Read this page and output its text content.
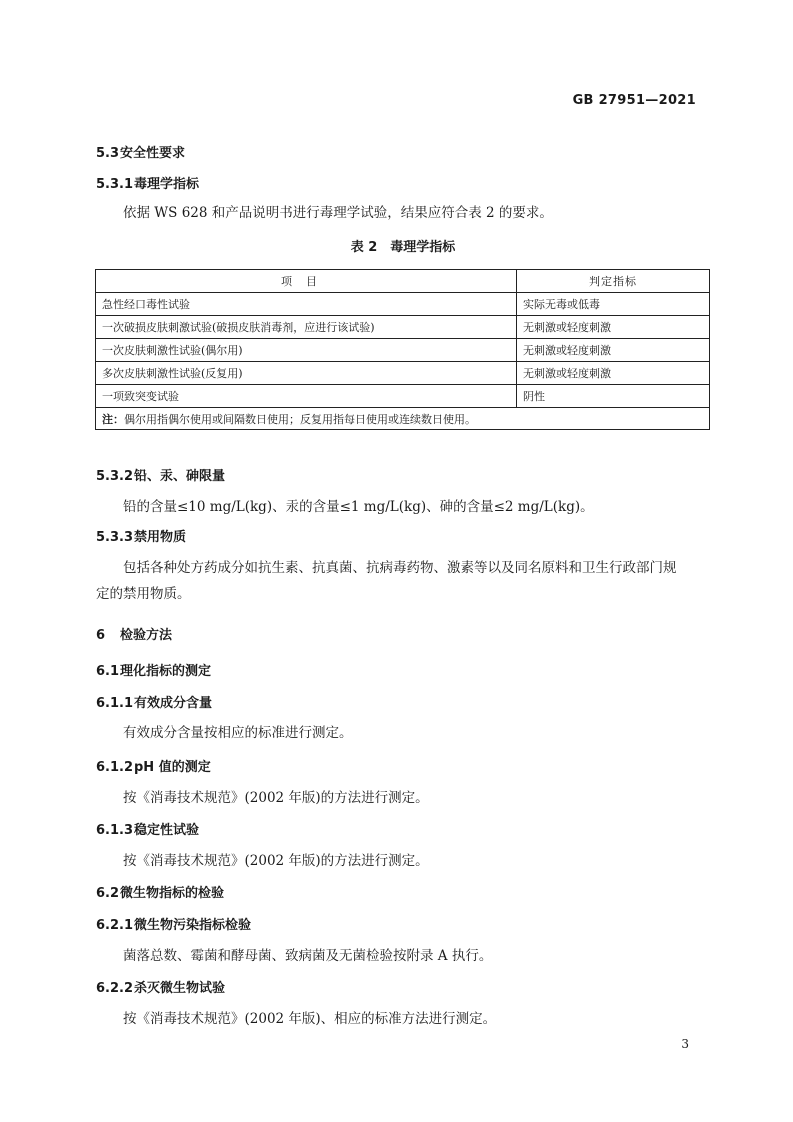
GB 27951—2021
5.3安全性要求
5.3.1毒理学指标
依据 WS 628 和产品说明书进行毒理学试验，结果应符合表 2 的要求。
表 2　毒理学指标
项目	判定指标
急性经口毒性试验	实际无毒或低毒
一次破损皮肤刺激试验(破损皮肤消毒剂，应进行该试验)	无刺激或轻度刺激
一次皮肤刺激性试验(偶尔用)	无刺激或轻度刺激
多次皮肤刺激性试验(反复用)	无刺激或轻度刺激
一项致突变试验	阴性
注：偶尔用指偶尔使用或间隔数日使用；反复用指每日使用或连续数日使用。	
5.3.2铅、汞、砷限量
铅的含量≤10 mg/L(kg)、汞的含量≤1 mg/L(kg)、砷的含量≤2 mg/L(kg)。
5.3.3禁用物质
包括各种处方药成分如抗生素、抗真菌、抗病毒药物、激素等以及同名原料和卫生行政部门规定的禁用物质。
6 检验方法
6.1理化指标的测定
6.1.1有效成分含量
有效成分含量按相应的标准进行测定。
6.1.2pH 值的测定
按《消毒技术规范》(2002 年版)的方法进行测定。
6.1.3稳定性试验
按《消毒技术规范》(2002 年版)的方法进行测定。
6.2微生物指标的检验
6.2.1微生物污染指标检验
菌落总数、霉菌和酵母菌、致病菌及无菌检验按附录 A 执行。
6.2.2杀灭微生物试验
按《消毒技术规范》(2002 年版)、相应的标准方法进行测定。
3
